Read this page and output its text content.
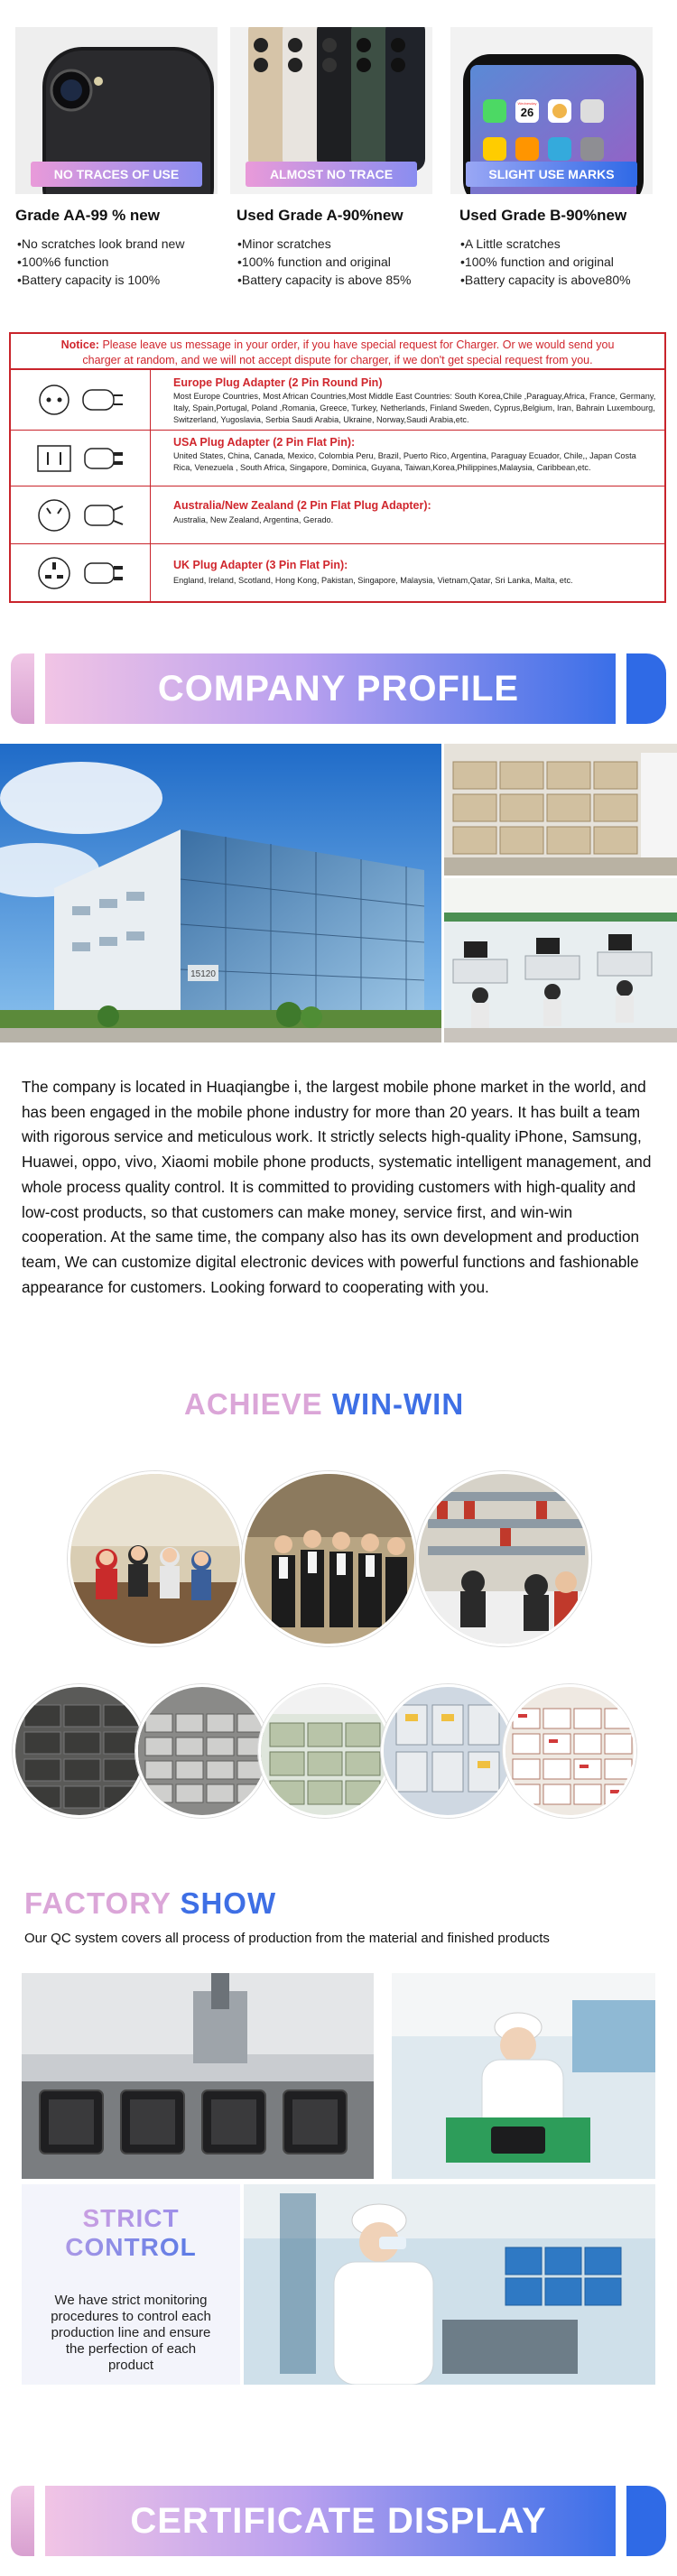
NO TRACES OF USE	ALMOST NO TRACE
26
Wednesday
SLIGHT USE MARKS
Grade AA-99 % new	Used Grade A-90%new	Used Grade B-90%new
• No scratches look brand new
• 100%6 function
• Battery capacity is 100%
• Minor scratches
• 100% function and original
• Battery capacity is above 85%
• A Little scratches
• 100% function and original
• Battery capacity is above80%
Notice: Please leave us message in your order, if you have special request for Charger. Or we would send you
charger at random, and we will not accept dispute for charger, if we don't get special request from you.
Europe Plug Adapter (2 Pin Round Pin)
Most Europe Countries, Most African Countries,Most Middle East Countries: South Korea,Chile ,Paraguay,Africa, France, Germany, Italy, Spain,Portugal, Poland ,Romania, Greece, Turkey, Netherlands, Finland Sweden, Cyprus,Belgium, Iran, Bahrain Luxembourg, Switzerland, Yugoslavia, Serbia Saudi Arabia, Ukraine, Norway,Saudi Arabia,etc.
USA Plug Adapter (2 Pin Flat Pin):
United States, China, Canada, Mexico, Colombia Peru, Brazil, Puerto Rico, Argentina, Paraguay Ecuador, Chile,, Japan Costa Rica, Venezuela , South Africa, Singapore, Dominica, Guyana, Taiwan,Korea,Philippines,Malaysia, Caribbean,etc.
Australia/New Zealand (2 Pin Flat Plug Adapter):
Australia, New Zealand, Argentina, Gerado.
UK Plug Adapter (3 Pin Flat Pin):
England, Ireland, Scotland, Hong Kong, Pakistan, Singapore, Malaysia, Vietnam,Qatar, Sri Lanka, Malta, etc.
COMPANY PROFILE
15120
The company is located in Huaqiangbe i, the largest mobile phone market in the world, and has been engaged in the mobile phone industry for more than 20 years. It has built a team with rigorous service and meticulous work. It strictly selects high-quality iPhone, Samsung, Huawei, oppo, vivo, Xiaomi mobile phone products, systematic intelligent management, and whole process quality control. It is committed to providing customers with high-quality and low-cost products, so that customers can make money, service first, and win-win cooperation. At the same time, the company also has its own development and production team, We can customize digital electronic devices with powerful functions and fashionable appearance for customers. Looking forward to cooperating with you.
ACHIEVE WIN-WIN
FACTORY SHOW
Our QC system covers all process of production from the material and finished products
STRICT
CONTROL
We have strict monitoring procedures to control each production line and ensure the perfection of each product
CERTIFICATE DISPLAY
